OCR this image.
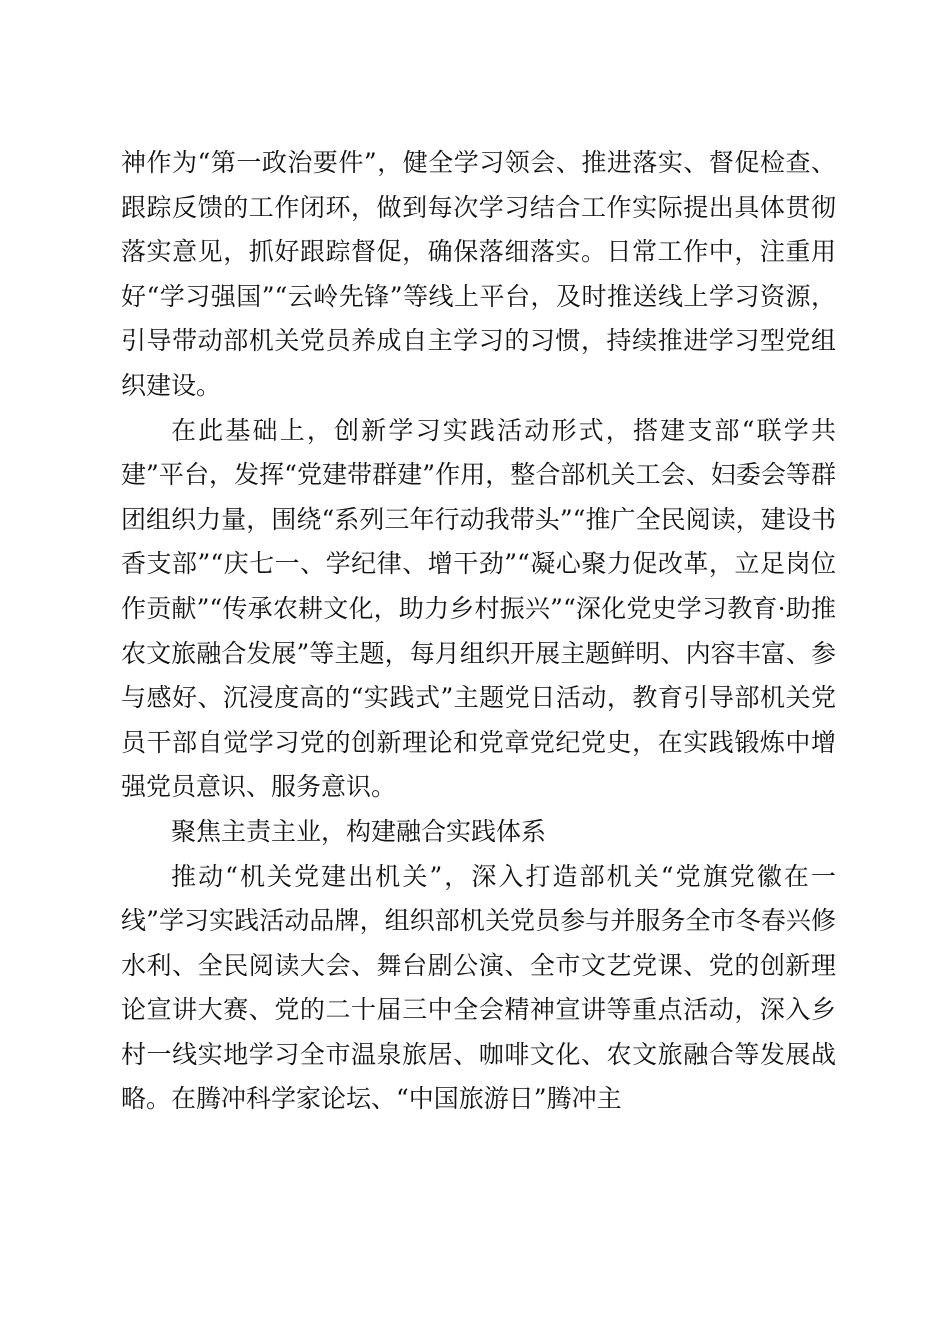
神作为“第一政治要件”，健全学习领会、推进落实、督促检查、跟踪反馈的工作闭环，做到每次学习结合工作实际提出具体贯彻落实意见，抓好跟踪督促，确保落细落实。日常工作中，注重用好“学习强国”“云岭先锋”等线上平台，及时推送线上学习资源，引导带动部机关党员养成自主学习的习惯，持续推进学习型党组织建设。

在此基础上，创新学习实践活动形式，搭建支部“联学共建”平台，发挥“党建带群建”作用，整合部机关工会、妇委会等群团组织力量，围绕“系列三年行动我带头”“推广全民阅读，建设书香支部”“庆七一、学纪律、增干劲”“凝心聚力促改革，立足岗位作贡献”“传承农耕文化，助力乡村振兴”“深化党史学习教育·助推农文旅融合发展”等主题，每月组织开展主题鲜明、内容丰富、参与感好、沉浸度高的“实践式”主题党日活动，教育引导部机关党员干部自觉学习党的创新理论和党章党纪党史，在实践锻炼中增强党员意识、服务意识。

聚焦主责主业，构建融合实践体系

推动“机关党建出机关”，深入打造部机关“党旗党徽在一线”学习实践活动品牌，组织部机关党员参与并服务全市冬春兴修水利、全民阅读大会、舞台剧公演、全市文艺党课、党的创新理论宣讲大赛、党的二十届三中全会精神宣讲等重点活动，深入乡村一线实地学习全市温泉旅居、咖啡文化、农文旅融合等发展战略。在腾冲科学家论坛、“中国旅游日”腾冲主
